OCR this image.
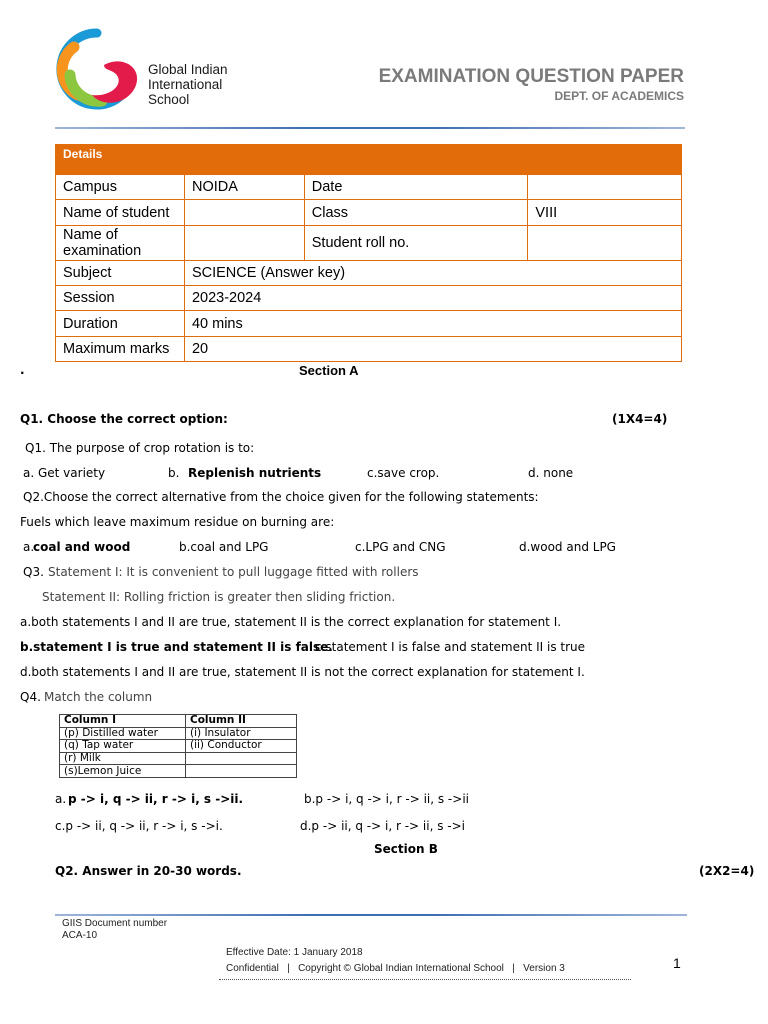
Global Indian International School
EXAMINATION QUESTION PAPER
DEPT. OF ACADEMICS
Details			
Campus	NOIDA	Date	
Name of student		Class	VIII
Name of examination		Student roll no.	
Subject	SCIENCE (Answer key)		
Session	2023-2024		
Duration	40 mins		
Maximum marks	20		
.	Section A
Q1. Choose the correct option:	(1X4=4)
Q1. The purpose of crop rotation is to:
a. Get variety	b. Replenish nutrients	c.save crop.	d. none
Q2.Choose the correct alternative from the choice given for the following statements:
Fuels which leave maximum residue on burning are:
a.
coal and wood	b.coal and LPG	c.LPG and CNG	d.wood and LPG
Q3. Statement I: It is convenient to pull luggage fitted with rollers
Statement II: Rolling friction is greater then sliding friction.
a.both statements I and II are true, statement II is the correct explanation for statement I.
b.statement I is true and statement II is false.
c.statement I is false and statement II is true
d.both statements I and II are true, statement II is not the correct explanation for statement I.
Q4. Match the column
Column I	Column II
(p) Distilled water	(i) Insulator
(q) Tap water	(ii) Conductor
(r) Milk	
(s)Lemon Juice	
a. p -> i, q -> ii, r -> i, s ->ii.	b.p -> i, q -> i, r -> ii, s ->ii
c.p -> ii, q -> ii, r -> i, s ->i.	d.p -> ii, q -> i, r -> ii, s ->i
Section B
Q2. Answer in 20-30 words.	(2X2=4)
GIIS Document number
ACA-10
Effective Date: 1 January 2018
Confidential   |   Copyright © Global Indian International School   |   Version 3	1
